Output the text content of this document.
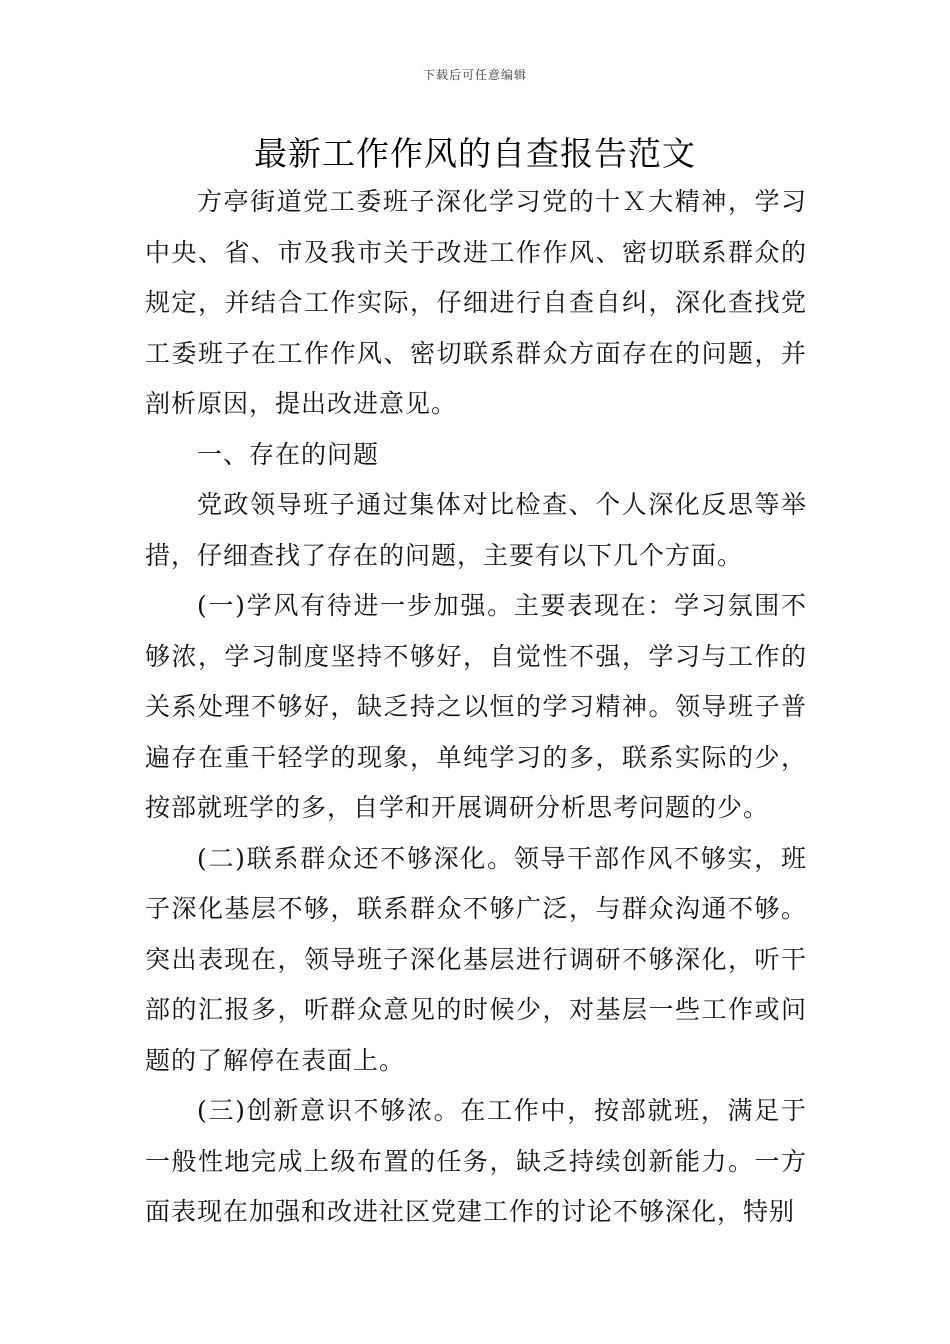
下载后可任意编辑
最新工作作风的自查报告范文

方亭街道党工委班子深化学习党的十Ｘ大精神，学习中央、省、市及我市关于改进工作作风、密切联系群众的规定，并结合工作实际，仔细进行自查自纠，深化查找党工委班子在工作作风、密切联系群众方面存在的问题，并剖析原因，提出改进意见。

一、存在的问题

党政领导班子通过集体对比检查、个人深化反思等举措，仔细查找了存在的问题，主要有以下几个方面。

(一)学风有待进一步加强。主要表现在：学习氛围不够浓，学习制度坚持不够好，自觉性不强，学习与工作的关系处理不够好，缺乏持之以恒的学习精神。领导班子普遍存在重干轻学的现象，单纯学习的多，联系实际的少，按部就班学的多，自学和开展调研分析思考问题的少。

(二)联系群众还不够深化。领导干部作风不够实，班子深化基层不够，联系群众不够广泛，与群众沟通不够。突出表现在，领导班子深化基层进行调研不够深化，听干部的汇报多，听群众意见的时候少，对基层一些工作或问题的了解停在表面上。

(三)创新意识不够浓。在工作中，按部就班，满足于一般性地完成上级布置的任务，缺乏持续创新能力。一方面表现在加强和改进社区党建工作的讨论不够深化，特别
